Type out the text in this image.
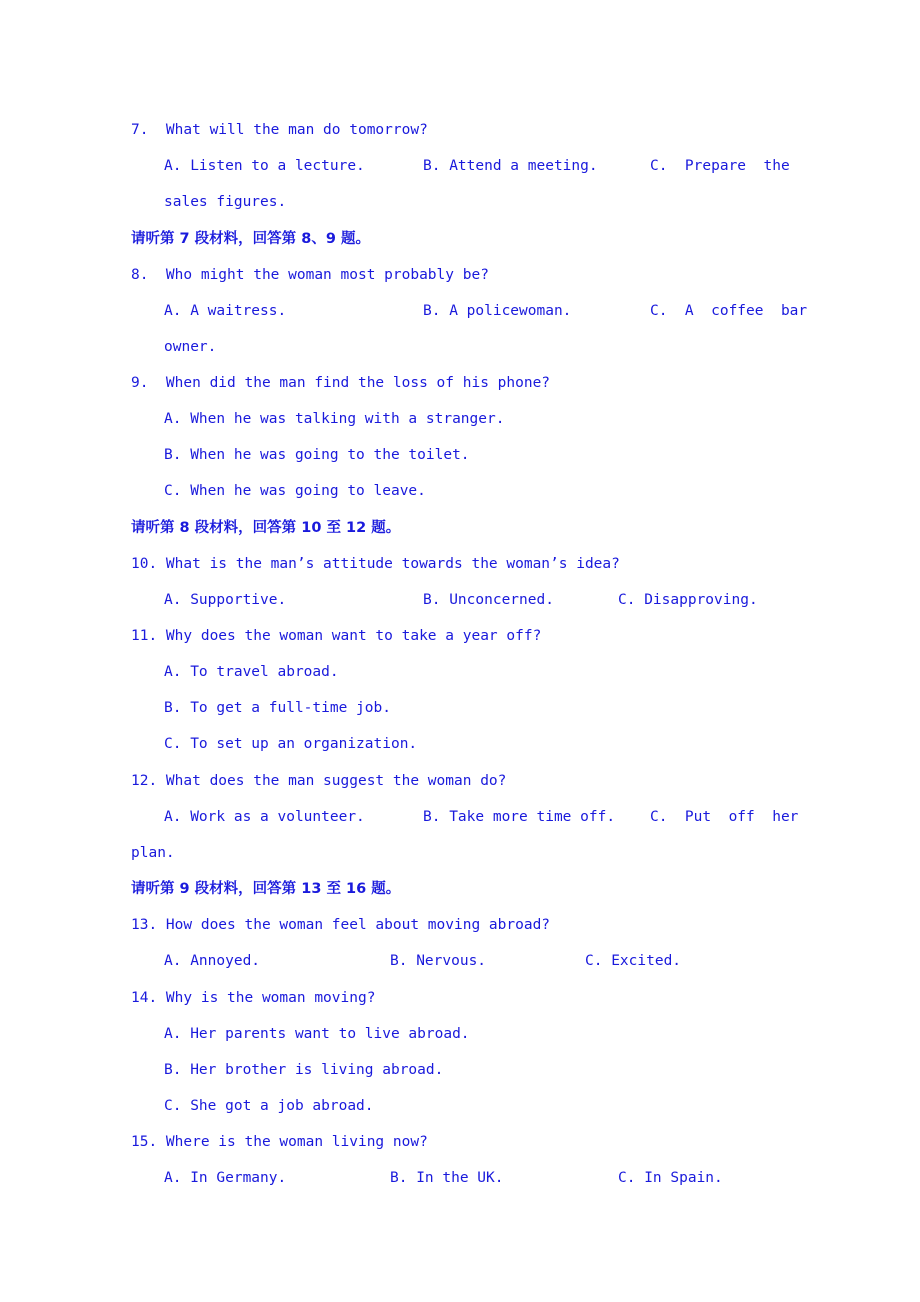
7.  What will the man do tomorrow?
A. Listen to a lecture.	B. Attend a meeting.	C.  Prepare  the
sales figures.
请听第 7 段材料，回答第 8、9 题。
8.  Who might the woman most probably be?
A. A waitress.	B. A policewoman.	C.  A  coffee  bar
owner.
9.  When did the man find the loss of his phone?
A. When he was talking with a stranger.
B. When he was going to the toilet.
C. When he was going to leave.
请听第 8 段材料，回答第 10 至 12 题。
10. What is the man’s attitude towards the woman’s idea?
A. Supportive.	B. Unconcerned.	C. Disapproving.
11. Why does the woman want to take a year off?
A. To travel abroad.
B. To get a full-time job.
C. To set up an organization.
12. What does the man suggest the woman do?
A. Work as a volunteer.	B. Take more time off. C.  Put  off  her
plan.
请听第 9 段材料，回答第 13 至 16 题。
13. How does the woman feel about moving abroad?
A. Annoyed.	B. Nervous.	C. Excited.
14. Why is the woman moving?
A. Her parents want to live abroad.
B. Her brother is living abroad.
C. She got a job abroad.
15. Where is the woman living now?
A. In Germany.	B. In the UK.	C. In Spain.
